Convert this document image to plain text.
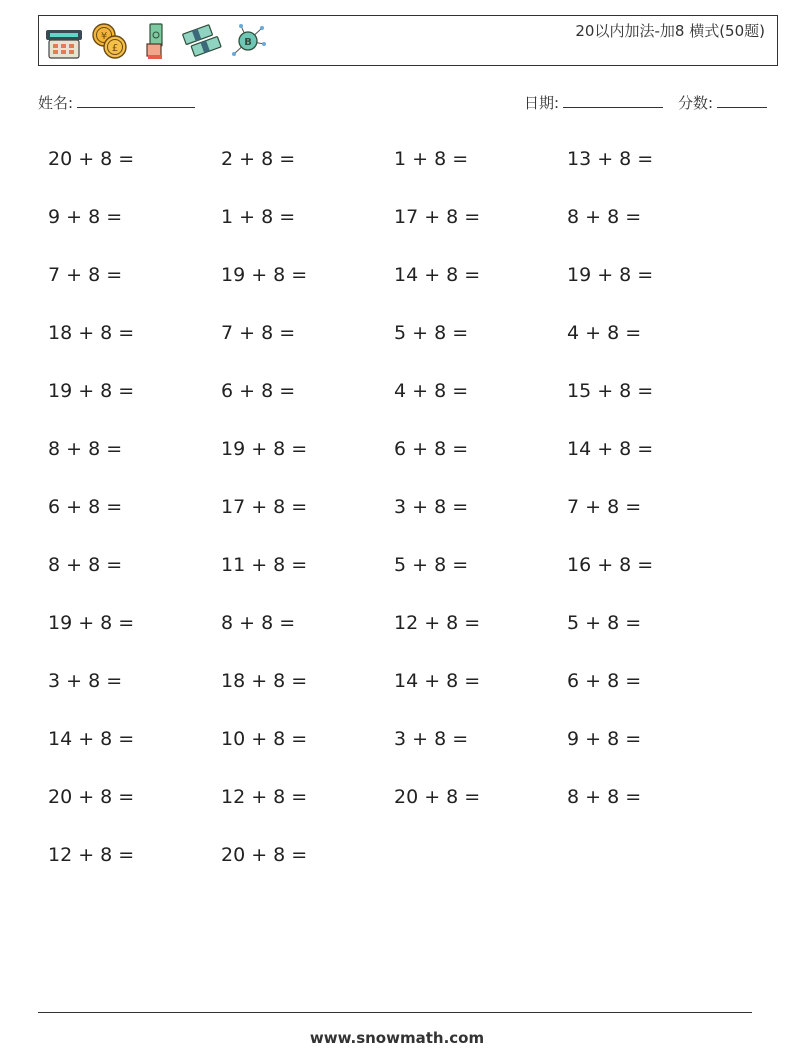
¥
£
B
20以内加法-加8 横式(50题)
姓名:	日期:	分数:
20 + 8 =	2 + 8 =	1 + 8 =	13 + 8 =
9 + 8 =	1 + 8 =	17 + 8 =	8 + 8 =
7 + 8 =	19 + 8 =	14 + 8 =	19 + 8 =
18 + 8 =	7 + 8 =	5 + 8 =	4 + 8 =
19 + 8 =	6 + 8 =	4 + 8 =	15 + 8 =
8 + 8 =	19 + 8 =	6 + 8 =	14 + 8 =
6 + 8 =	17 + 8 =	3 + 8 =	7 + 8 =
8 + 8 =	11 + 8 =	5 + 8 =	16 + 8 =
19 + 8 =	8 + 8 =	12 + 8 =	5 + 8 =
3 + 8 =	18 + 8 =	14 + 8 =	6 + 8 =
14 + 8 =	10 + 8 =	3 + 8 =	9 + 8 =
20 + 8 =	12 + 8 =	20 + 8 =	8 + 8 =
12 + 8 =	20 + 8 =
www.snowmath.com
